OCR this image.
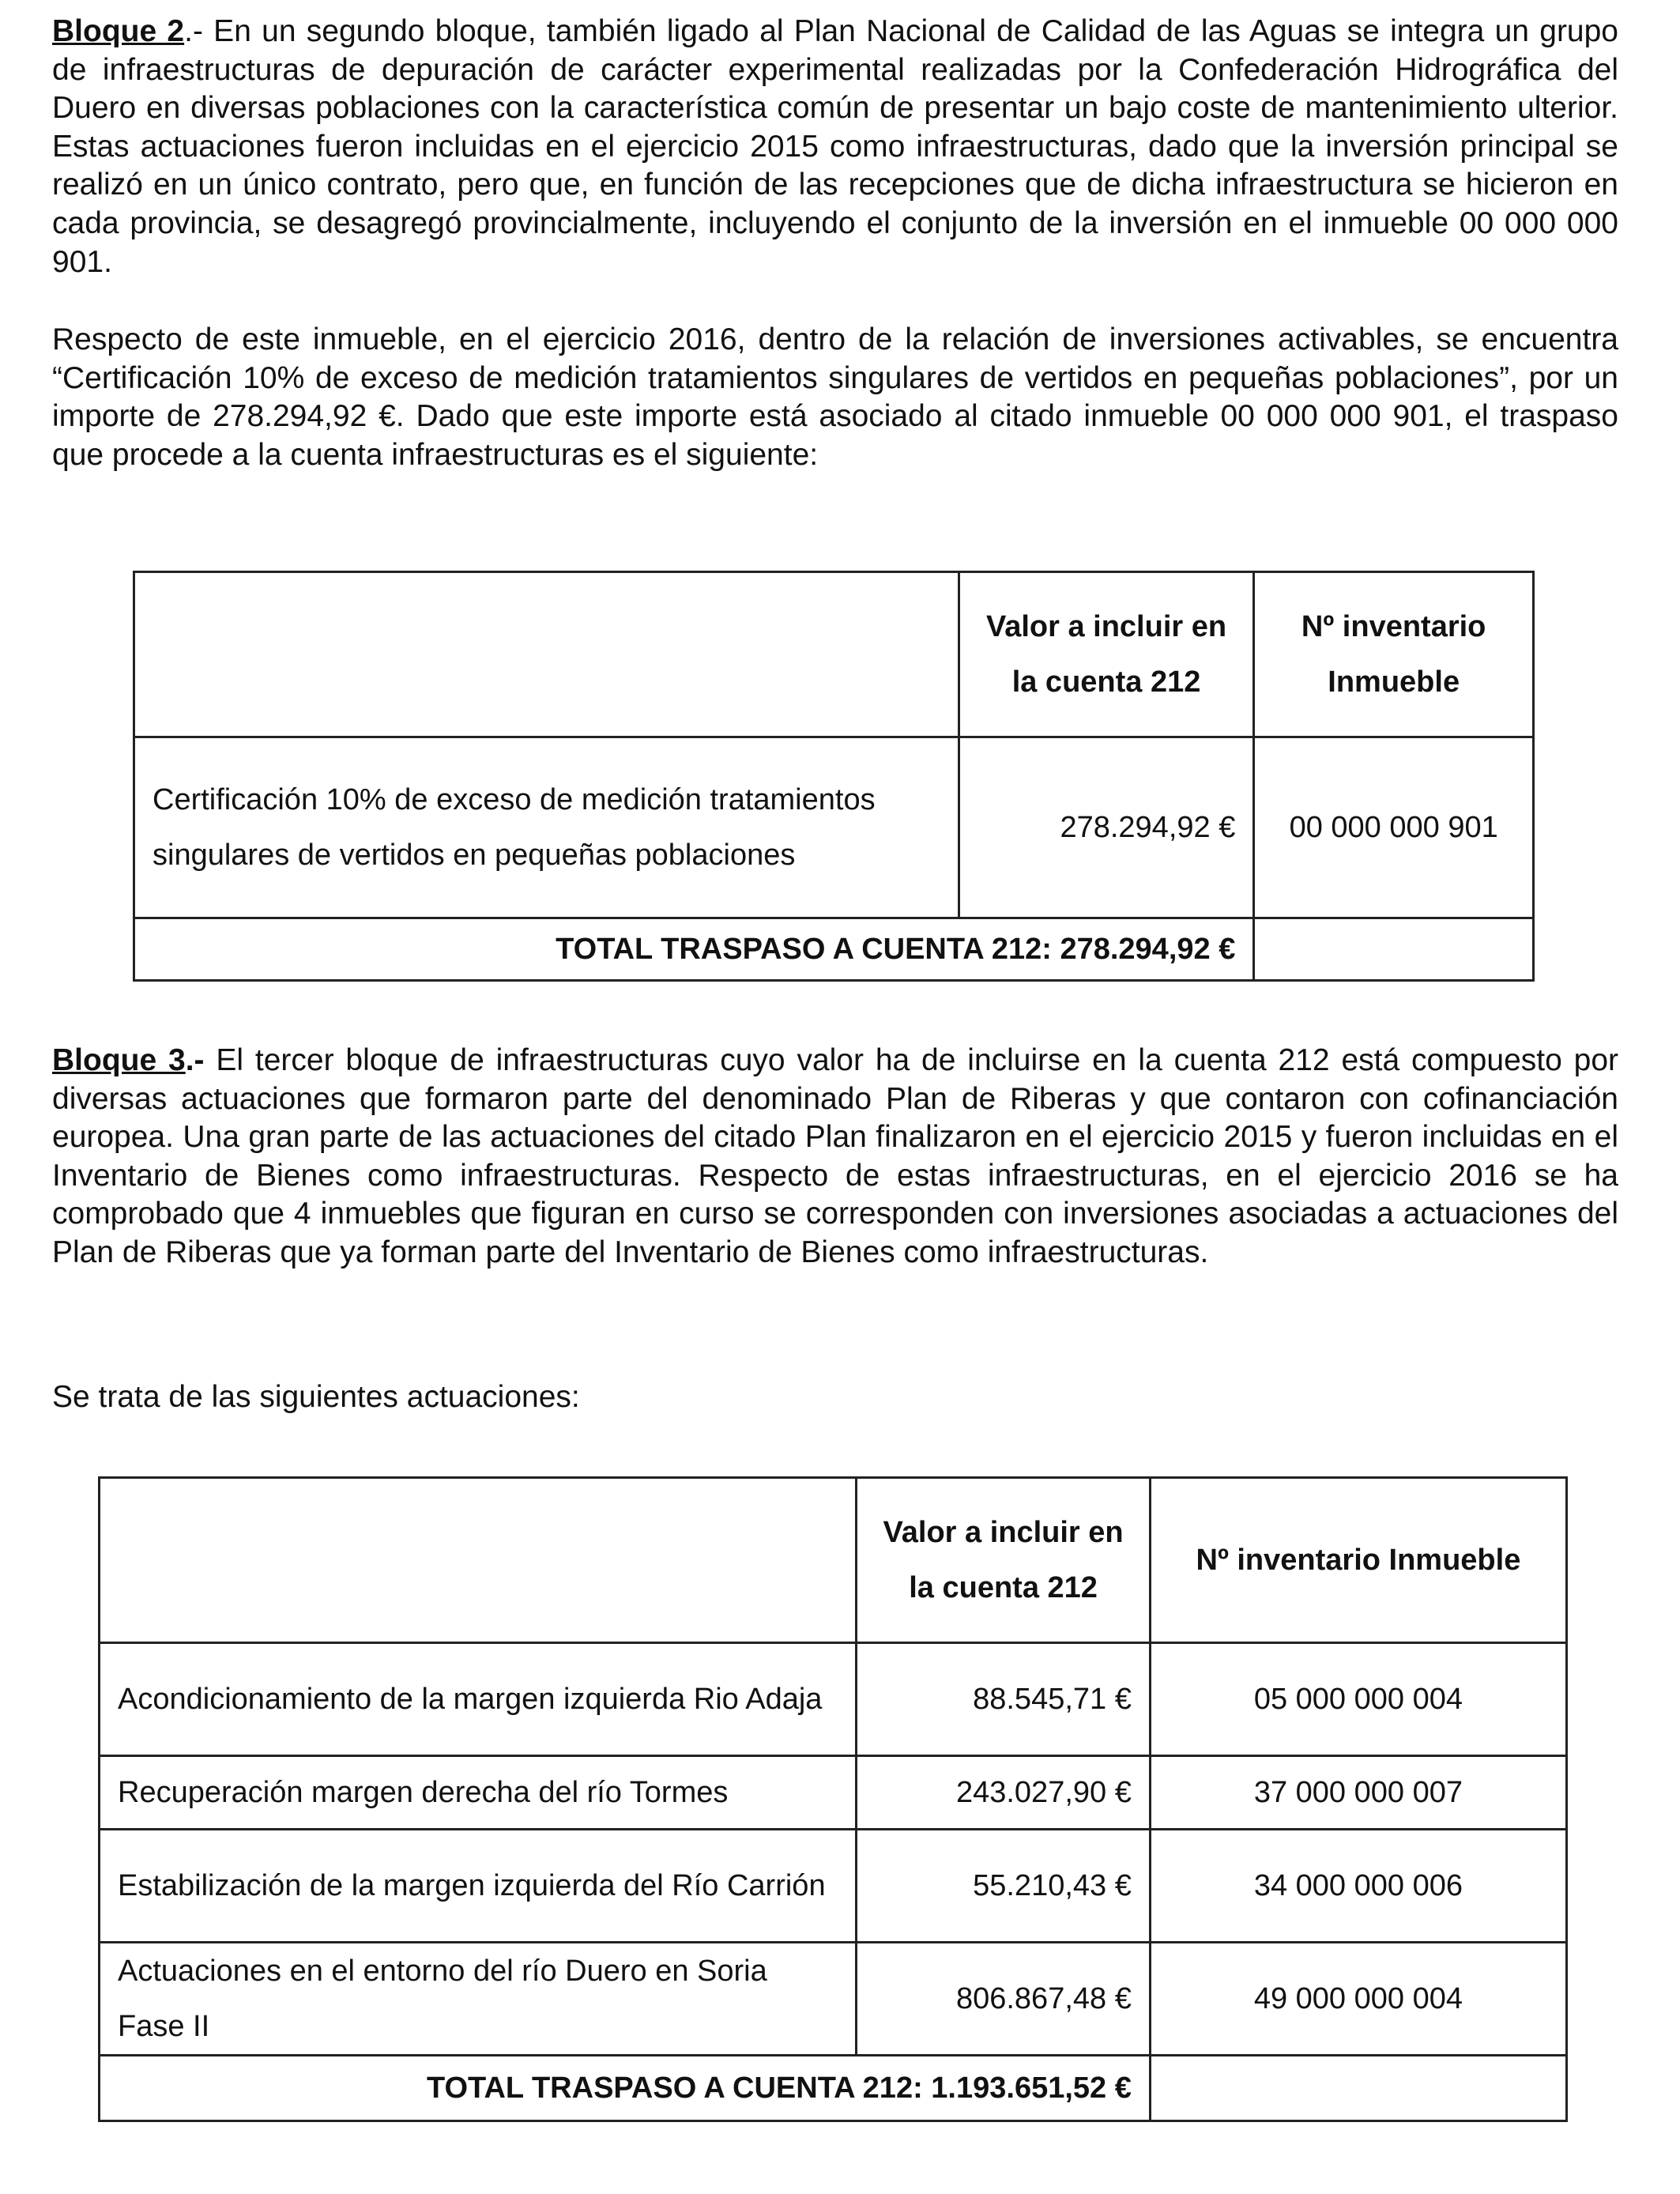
Bloque 2.- En un segundo bloque, también ligado al Plan Nacional de Calidad de las Aguas se integra un grupo de infraestructuras de depuración de carácter experimental realizadas por la Confederación Hidrográfica del Duero en diversas poblaciones con la característica común de presentar un bajo coste de mantenimiento ulterior. Estas actuaciones fueron incluidas en el ejercicio 2015 como infraestructuras, dado que la inversión principal se realizó en un único contrato, pero que, en función de las recepciones que de dicha infraestructura se hicieron en cada provincia, se desagregó provincialmente, incluyendo el conjunto de la inversión en el inmueble 00 000 000 901.

Respecto de este inmueble, en el ejercicio 2016, dentro de la relación de inversiones activables, se encuentra “Certificación 10% de exceso de medición tratamientos singulares de vertidos en pequeñas poblaciones”, por un importe de 278.294,92 €. Dado que este importe está asociado al citado inmueble 00 000 000 901, el traspaso que procede a la cuenta infraestructuras es el siguiente:

	Valor a incluir en la cuenta 212	Nº inventario Inmueble
Certificación 10% de exceso de medición tratamientos singulares de vertidos en pequeñas poblaciones	278.294,92 €	00 000 000 901
TOTAL TRASPASO A CUENTA 212: 278.294,92 €		

Bloque 3.- El tercer bloque de infraestructuras cuyo valor ha de incluirse en la cuenta 212 está compuesto por diversas actuaciones que formaron parte del denominado Plan de Riberas y que contaron con cofinanciación europea. Una gran parte de las actuaciones del citado Plan finalizaron en el ejercicio 2015 y fueron incluidas en el Inventario de Bienes como infraestructuras. Respecto de estas infraestructuras, en el ejercicio 2016 se ha comprobado que 4 inmuebles que figuran en curso se corresponden con inversiones asociadas a actuaciones del Plan de Riberas que ya forman parte del Inventario de Bienes como infraestructuras.

Se trata de las siguientes actuaciones:

	Valor a incluir en la cuenta 212	Nº inventario Inmueble
Acondicionamiento de la margen izquierda Rio Adaja	88.545,71 €	05 000 000 004
Recuperación margen derecha del río Tormes	243.027,90 €	37 000 000 007
Estabilización de la margen izquierda del Río Carrión	55.210,43 €	34 000 000 006
Actuaciones en el entorno del río Duero en Soria Fase II	806.867,48 €	49 000 000 004
TOTAL TRASPASO A CUENTA 212: 1.193.651,52 €		
